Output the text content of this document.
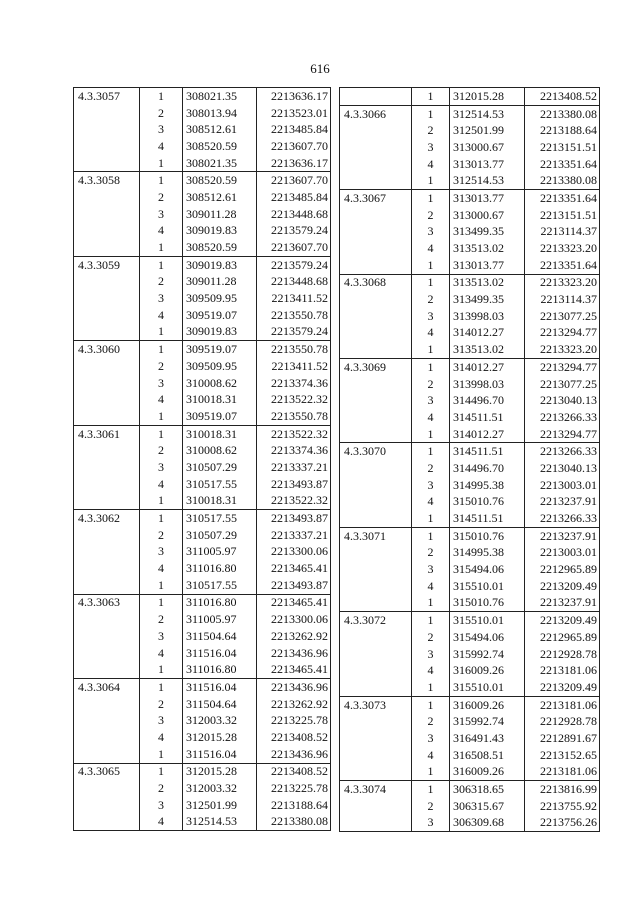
616
4.3.3057	1	308021.35	2213636.17
	2	308013.94	2213523.01
	3	308512.61	2213485.84
	4	308520.59	2213607.70
	1	308021.35	2213636.17
4.3.3058	1	308520.59	2213607.70
	2	308512.61	2213485.84
	3	309011.28	2213448.68
	4	309019.83	2213579.24
	1	308520.59	2213607.70
4.3.3059	1	309019.83	2213579.24
	2	309011.28	2213448.68
	3	309509.95	2213411.52
	4	309519.07	2213550.78
	1	309019.83	2213579.24
4.3.3060	1	309519.07	2213550.78
	2	309509.95	2213411.52
	3	310008.62	2213374.36
	4	310018.31	2213522.32
	1	309519.07	2213550.78
4.3.3061	1	310018.31	2213522.32
	2	310008.62	2213374.36
	3	310507.29	2213337.21
	4	310517.55	2213493.87
	1	310018.31	2213522.32
4.3.3062	1	310517.55	2213493.87
	2	310507.29	2213337.21
	3	311005.97	2213300.06
	4	311016.80	2213465.41
	1	310517.55	2213493.87
4.3.3063	1	311016.80	2213465.41
	2	311005.97	2213300.06
	3	311504.64	2213262.92
	4	311516.04	2213436.96
	1	311016.80	2213465.41
4.3.3064	1	311516.04	2213436.96
	2	311504.64	2213262.92
	3	312003.32	2213225.78
	4	312015.28	2213408.52
	1	311516.04	2213436.96
4.3.3065	1	312015.28	2213408.52
	2	312003.32	2213225.78
	3	312501.99	2213188.64
	4	312514.53	2213380.08
	1	312015.28	2213408.52
4.3.3066	1	312514.53	2213380.08
	2	312501.99	2213188.64
	3	313000.67	2213151.51
	4	313013.77	2213351.64
	1	312514.53	2213380.08
4.3.3067	1	313013.77	2213351.64
	2	313000.67	2213151.51
	3	313499.35	2213114.37
	4	313513.02	2213323.20
	1	313013.77	2213351.64
4.3.3068	1	313513.02	2213323.20
	2	313499.35	2213114.37
	3	313998.03	2213077.25
	4	314012.27	2213294.77
	1	313513.02	2213323.20
4.3.3069	1	314012.27	2213294.77
	2	313998.03	2213077.25
	3	314496.70	2213040.13
	4	314511.51	2213266.33
	1	314012.27	2213294.77
4.3.3070	1	314511.51	2213266.33
	2	314496.70	2213040.13
	3	314995.38	2213003.01
	4	315010.76	2213237.91
	1	314511.51	2213266.33
4.3.3071	1	315010.76	2213237.91
	2	314995.38	2213003.01
	3	315494.06	2212965.89
	4	315510.01	2213209.49
	1	315010.76	2213237.91
4.3.3072	1	315510.01	2213209.49
	2	315494.06	2212965.89
	3	315992.74	2212928.78
	4	316009.26	2213181.06
	1	315510.01	2213209.49
4.3.3073	1	316009.26	2213181.06
	2	315992.74	2212928.78
	3	316491.43	2212891.67
	4	316508.51	2213152.65
	1	316009.26	2213181.06
4.3.3074	1	306318.65	2213816.99
	2	306315.67	2213755.92
	3	306309.68	2213756.26
